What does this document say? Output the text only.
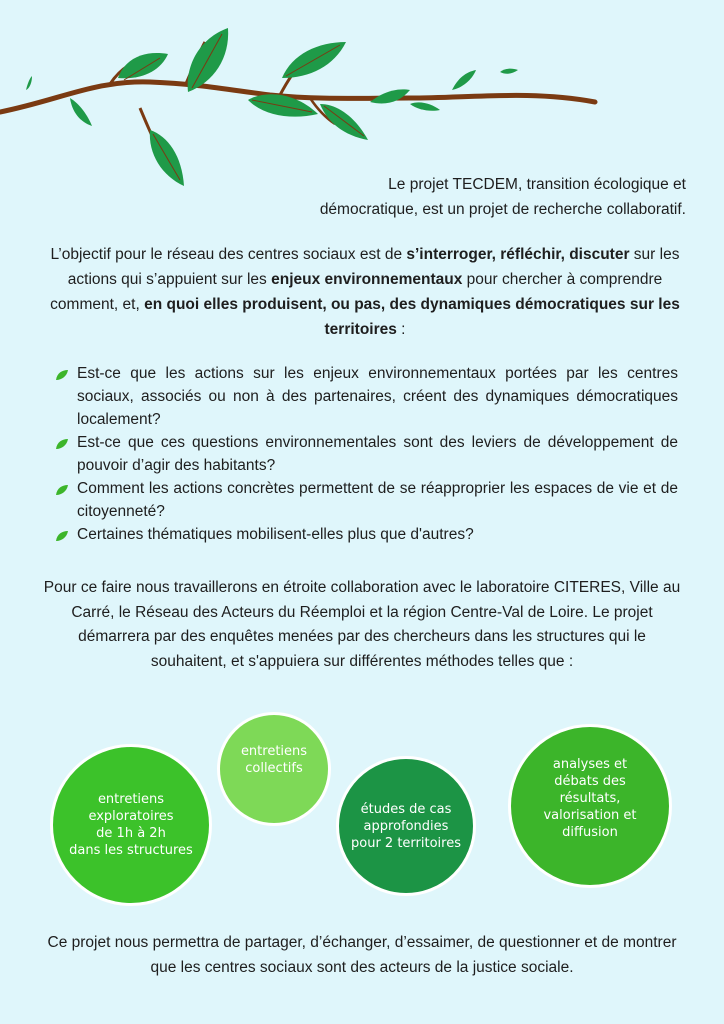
Le projet TECDEM, transition écologique et
démocratique, est un projet de recherche collaboratif.
L’objectif pour le réseau des centres sociaux est de s’interroger, réfléchir, discuter sur les actions qui s’appuient sur les enjeux environnementaux pour chercher à comprendre comment, et, en quoi elles produisent, ou pas, des dynamiques démocratiques sur les territoires :
Est-ce que les actions sur les enjeux environnementaux portées par les centres sociaux, associés ou non à des partenaires, créent des dynamiques démocratiques localement?
Est-ce que ces questions environnementales sont des leviers de développement de pouvoir d’agir des habitants?
Comment les actions concrètes permettent de se réapproprier les espaces de vie et de citoyenneté?
Certaines thématiques mobilisent-elles plus que d'autres?
Pour ce faire nous travaillerons en étroite collaboration avec le laboratoire CITERES, Ville au Carré, le Réseau des Acteurs du Réemploi et la région Centre-Val de Loire. Le projet démarrera par des enquêtes menées par des chercheurs dans les structures qui le souhaitent, et s'appuiera sur différentes méthodes telles que :
entretiens
exploratoires
de 1h à 2h
dans les structures
entretiens
collectifs
études de cas
approfondies
pour 2 territoires
analyses et
débats des
résultats,
valorisation et
diffusion
Ce projet nous permettra de partager, d’échanger, d’essaimer, de questionner et de montrer que les centres sociaux sont des acteurs de la justice sociale.
